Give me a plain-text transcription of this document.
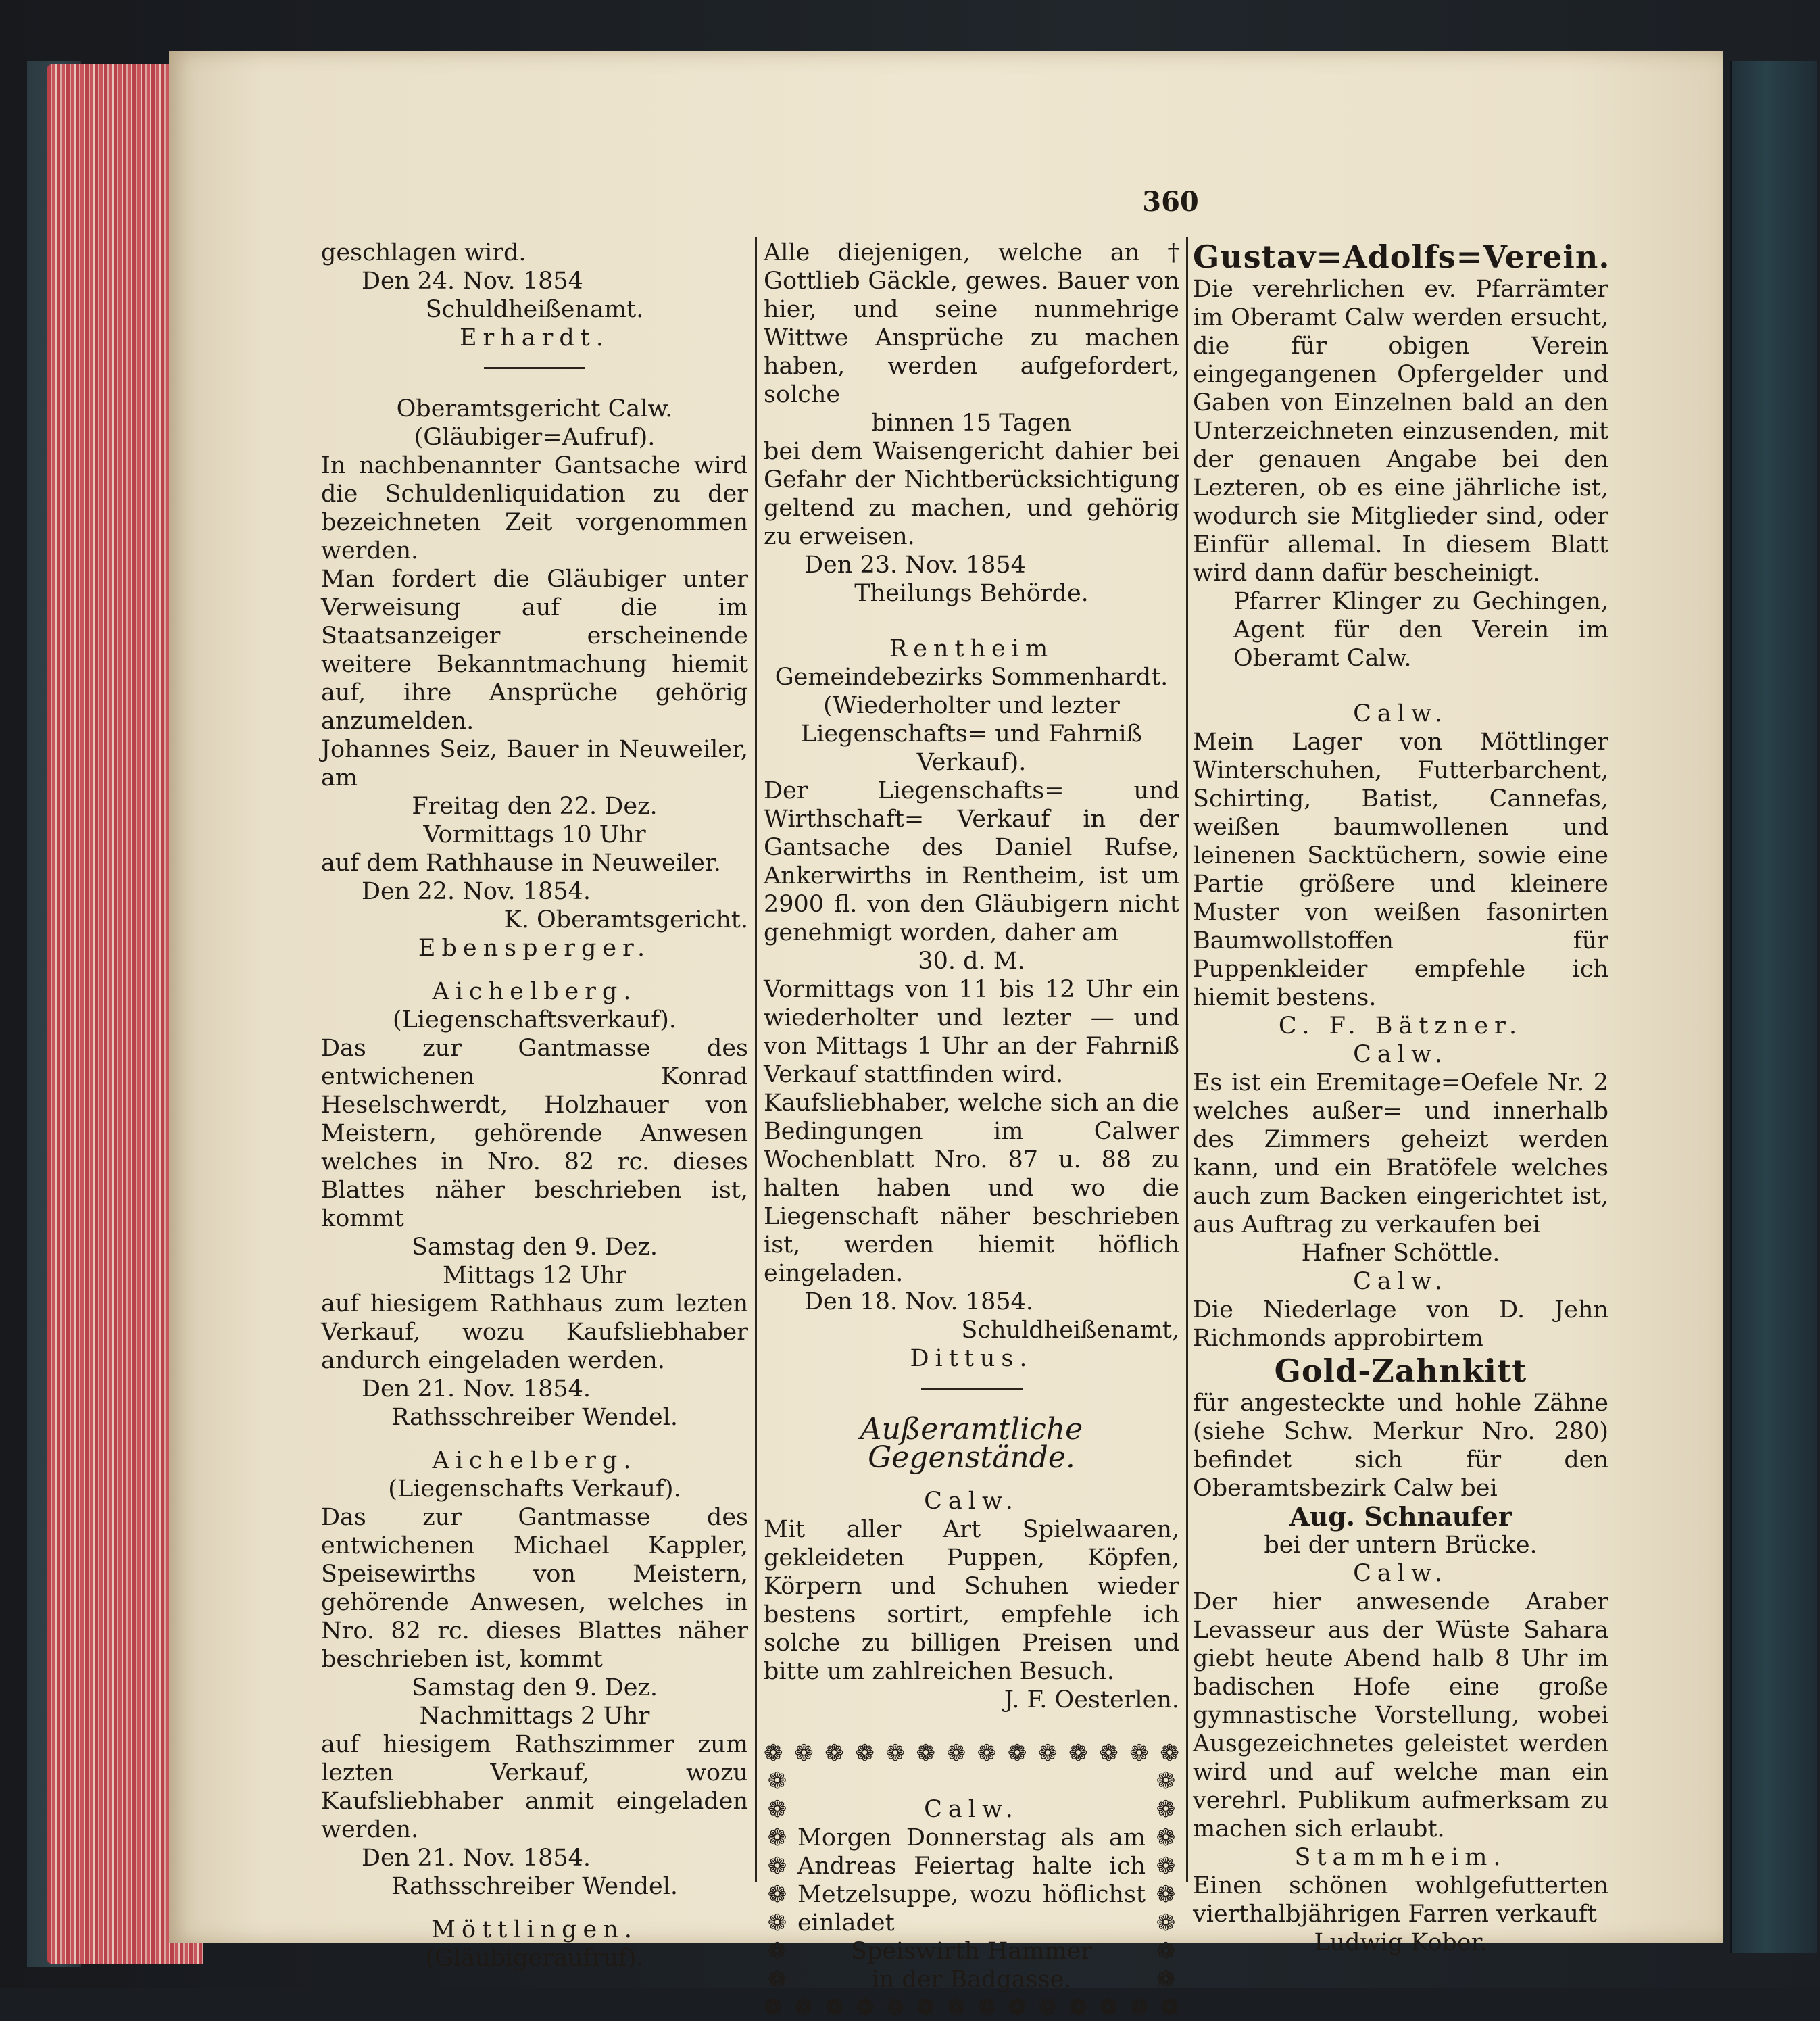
360

geschlagen wird.

Den 24. Nov. 1854

Schuldheißenamt.

Erhardt.

Oberamtsgericht Calw.

(Gläubiger=Aufruf).

In nachbenannter Gantsache wird die Schuldenliquidation zu der bezeichneten Zeit vorgenommen werden.

Man fordert die Gläubiger unter Verweisung auf die im Staatsanzeiger erscheinende weitere Bekanntmachung hiemit auf, ihre Ansprüche gehörig anzumelden.

Johannes Seiz, Bauer in Neuweiler, am

Freitag den 22. Dez.

Vormittags 10 Uhr

auf dem Rathhause in Neuweiler.

Den 22. Nov. 1854.

K. Oberamtsgericht.

Ebensperger.

Aichelberg.

(Liegenschaftsverkauf).

Das zur Gantmasse des entwichenen Konrad Heselschwerdt, Holzhauer von Meistern, gehörende Anwesen welches in Nro. 82 rc. dieses Blattes näher beschrieben ist, kommt

Samstag den 9. Dez.

Mittags 12 Uhr

auf hiesigem Rathhaus zum lezten Verkauf, wozu Kaufsliebhaber andurch eingeladen werden.

Den 21. Nov. 1854.

Rathsschreiber Wendel.

Aichelberg.

(Liegenschafts Verkauf).

Das zur Gantmasse des entwichenen Michael Kappler, Speisewirths von Meistern, gehörende Anwesen, welches in Nro. 82 rc. dieses Blattes näher beschrieben ist, kommt

Samstag den 9. Dez.

Nachmittags 2 Uhr

auf hiesigem Rathszimmer zum lezten Verkauf, wozu Kaufsliebhaber anmit eingeladen werden.

Den 21. Nov. 1854.

Rathsschreiber Wendel.

Möttlingen.

(Gläubigeraufruf).

Alle diejenigen, welche an † Gottlieb Gäckle, gewes. Bauer von hier, und seine nunmehrige Wittwe Ansprüche zu machen haben, werden aufgefordert, solche

binnen 15 Tagen

bei dem Waisengericht dahier bei Gefahr der Nichtberücksichtigung geltend zu machen, und gehörig zu erweisen.

Den 23. Nov. 1854

Theilungs Behörde.

Rentheim

Gemeindebezirks Sommenhardt.

(Wiederholter und lezter Liegenschafts= und Fahrniß Verkauf).

Der Liegenschafts= und Wirthschaft= Verkauf in der Gantsache des Daniel Rufse, Ankerwirths in Rentheim, ist um 2900 fl. von den Gläubigern nicht genehmigt worden, daher am

30. d. M.

Vormittags von 11 bis 12 Uhr ein wiederholter und lezter — und von Mittags 1 Uhr an der Fahrniß Verkauf stattfinden wird.

Kaufsliebhaber, welche sich an die Bedingungen im Calwer Wochenblatt Nro. 87 u. 88 zu halten haben und wo die Liegenschaft näher beschrieben ist, werden hiemit höflich eingeladen.

Den 18. Nov. 1854.

Schuldheißenamt,

Dittus.

Außeramtliche Gegenstände.

Calw.

Mit aller Art Spielwaaren, gekleideten Puppen, Köpfen, Körpern und Schuhen wieder bestens sortirt, empfehle ich solche zu billigen Preisen und bitte um zahlreichen Besuch.

J. F. Oesterlen.

❁ ❁ ❁ ❁ ❁ ❁ ❁ ❁ ❁ ❁ ❁ ❁ ❁ ❁
❁
❁
❁
❁
❁
❁
❁
❁

Calw.

Morgen Donnerstag als am Andreas Feiertag halte ich Metzelsuppe, wozu höflichst einladet

Speiswirth Hammer

in der Badgasse.

❁
❁
❁
❁
❁
❁
❁
❁
❁ ❁ ❁ ❁ ❁ ❁ ❁ ❁ ❁ ❁ ❁ ❁ ❁ ❁

Gustav=Adolfs=Verein.

Die verehrlichen ev. Pfarrämter im Oberamt Calw werden ersucht, die für obigen Verein eingegangenen Opfergelder und Gaben von Einzelnen bald an den Unterzeichneten einzusenden, mit der genauen Angabe bei den Lezteren, ob es eine jährliche ist, wodurch sie Mitglieder sind, oder Einfür allemal. In diesem Blatt wird dann dafür bescheinigt.

Pfarrer Klinger zu Gechingen, Agent für den Verein im Oberamt Calw.

Calw.

Mein Lager von Möttlinger Winterschuhen, Futterbarchent, Schirting, Batist, Cannefas, weißen baumwollenen und leinenen Sacktüchern, sowie eine Partie größere und kleinere Muster von weißen fasonirten Baumwollstoffen für Puppenkleider empfehle ich hiemit bestens.

C. F. Bätzner.

Calw.

Es ist ein Eremitage=Oefele Nr. 2 welches außer= und innerhalb des Zimmers geheizt werden kann, und ein Bratöfele welches auch zum Backen eingerichtet ist, aus Auftrag zu verkaufen bei

Hafner Schöttle.

Calw.

Die Niederlage von D. Jehn Richmonds approbirtem

Gold-Zahnkitt

für angesteckte und hohle Zähne (siehe Schw. Merkur Nro. 280) befindet sich für den Oberamtsbezirk Calw bei

Aug. Schnaufer

bei der untern Brücke.

Calw.

Der hier anwesende Araber Levasseur aus der Wüste Sahara giebt heute Abend halb 8 Uhr im badischen Hofe eine große gymnastische Vorstellung, wobei Ausgezeichnetes geleistet werden wird und auf welche man ein verehrl. Publikum aufmerksam zu machen sich erlaubt.

Stammheim.

Einen schönen wohlgefutterten vierthalbjährigen Farren verkauft

Ludwig Kober.
